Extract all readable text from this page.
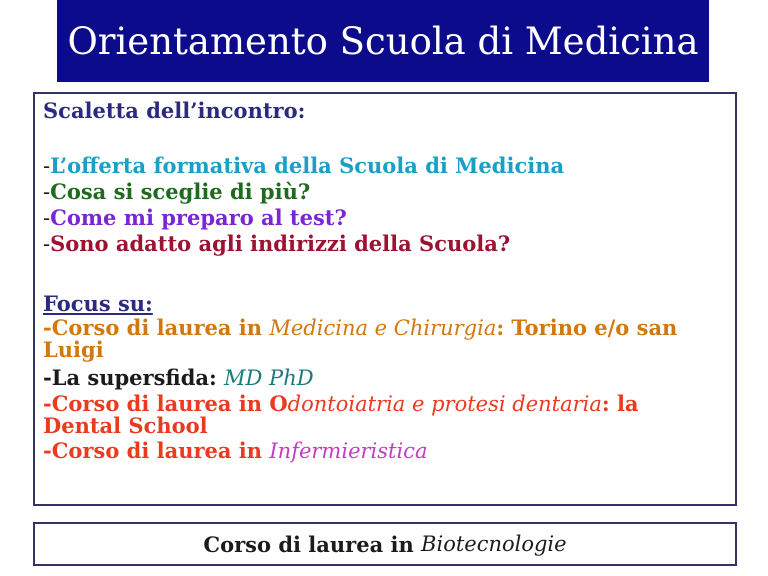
Orientamento Scuola di Medicina
Scaletta dell’incontro:
-L’offerta formativa della Scuola di Medicina
-Cosa si sceglie di più?
-Come mi preparo al test?
-Sono adatto agli indirizzi della Scuola?
Focus su:
-Corso di laurea in Medicina e Chirurgia: Torino e/o san
Luigi
-La supersfida: MD PhD
-Corso di laurea in Odontoiatria e protesi dentaria: la
Dental School
-Corso di laurea in Infermieristica
Corso di laurea in Biotecnologie
